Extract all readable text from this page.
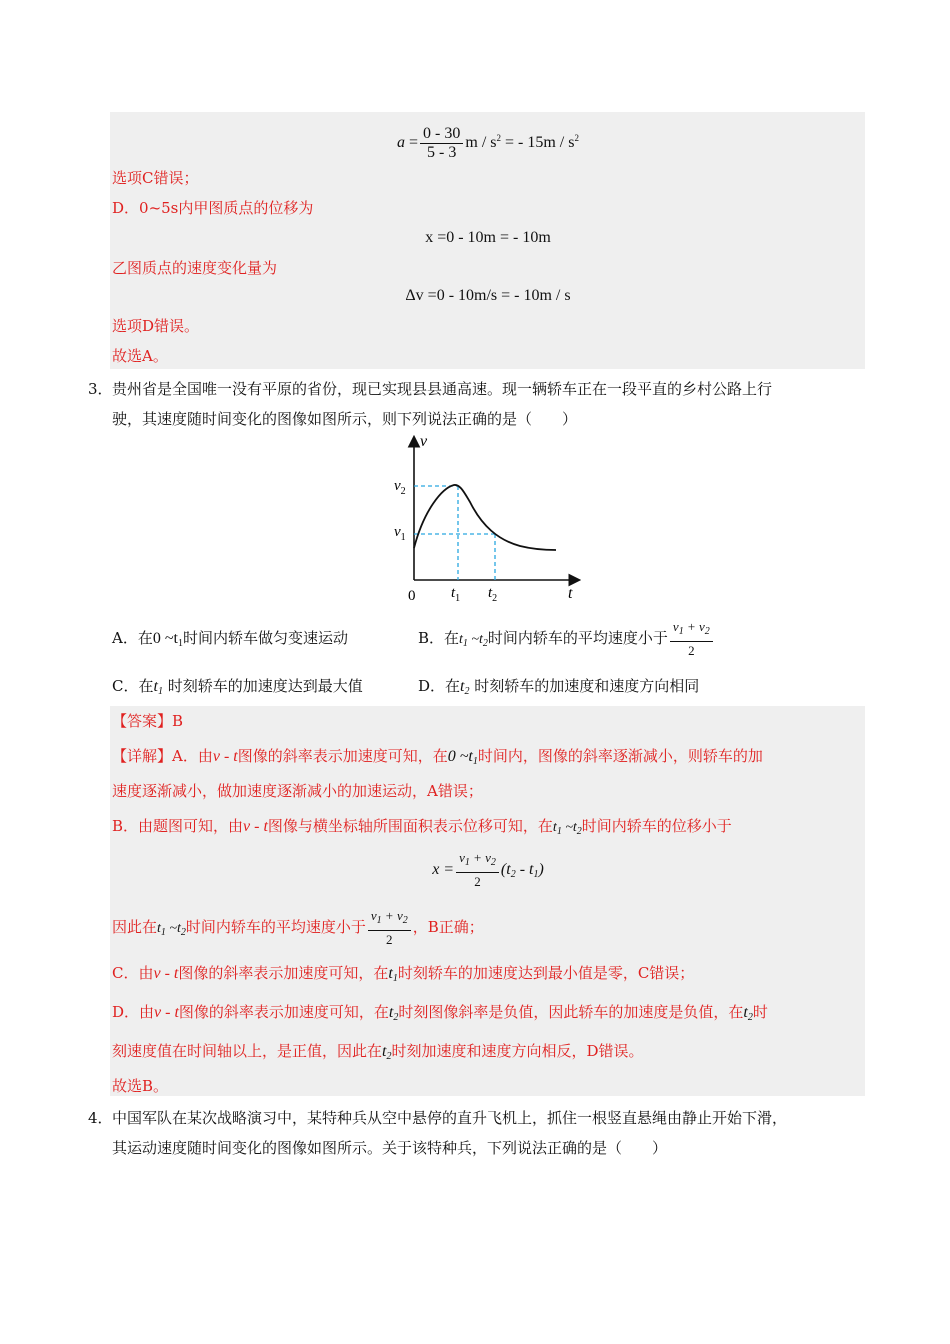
$a = \frac{0 - 30}{5 - 3}$ m / $s^2$ = - $15m / s^2$
选项C错误；
D．0~5s内甲图质点的位移为
x =0 - 10m = - 10m
乙图质点的速度变化量为
Δv =0 - 10m/s = - 10m / s
选项D错误。
故选A。
3． 贵州省是全国唯一没有平原的省份，现已实现县县通高速。现一辆轿车正在一段平直的乡村公路上行
驶，其速度随时间变化的图像如图所示，则下列说法正确的是（　　）
v
t
0
$v_2$
$v_1$
$t_1$ $t_2$
A．在0 $\sim t_1$时间内轿车做匀变速运动	B．在$t_1$ $\sim t_2$时间内轿车的平均速度小于 $\frac{v_1 + v_2}{2}$
C．在$t_1$ 时刻轿车的加速度达到最大值	D．在$t_2$ 时刻轿车的加速度和速度方向相同
【答案】B
【详解】A．由v - t图像的斜率表示加速度可知，在0 $\sim t_1$时间内，图像的斜率逐渐减小，则轿车的加
速度逐渐减小，做加速度逐渐减小的加速运动，A错误；
B．由题图可知，由v - t图像与横坐标轴所围面积表示位移可知，在$t_1$ $\sim t_2$时间内轿车的位移小于
$x = \frac{v_1 + v_2}{2} (t_2 - t_1)$
因此在$t_1$ $\sim t_2$时间内轿车的平均速度小于 $\frac{v_1 + v_2}{2}$ ，B正确；
C．由v - t图像的斜率表示加速度可知，在$t_1$时刻轿车的加速度达到最小值是零，C错误；
D．由v - t图像的斜率表示加速度可知，在$t_2$时刻图像斜率是负值，因此轿车的加速度是负值，在$t_2$时
刻速度值在时间轴以上，是正值，因此在$t_2$时刻加速度和速度方向相反，D错误。
故选B。
4． 中国军队在某次战略演习中，某特种兵从空中悬停的直升飞机上，抓住一根竖直悬绳由静止开始下滑，
其运动速度随时间变化的图像如图所示。关于该特种兵，下列说法正确的是（　　）
